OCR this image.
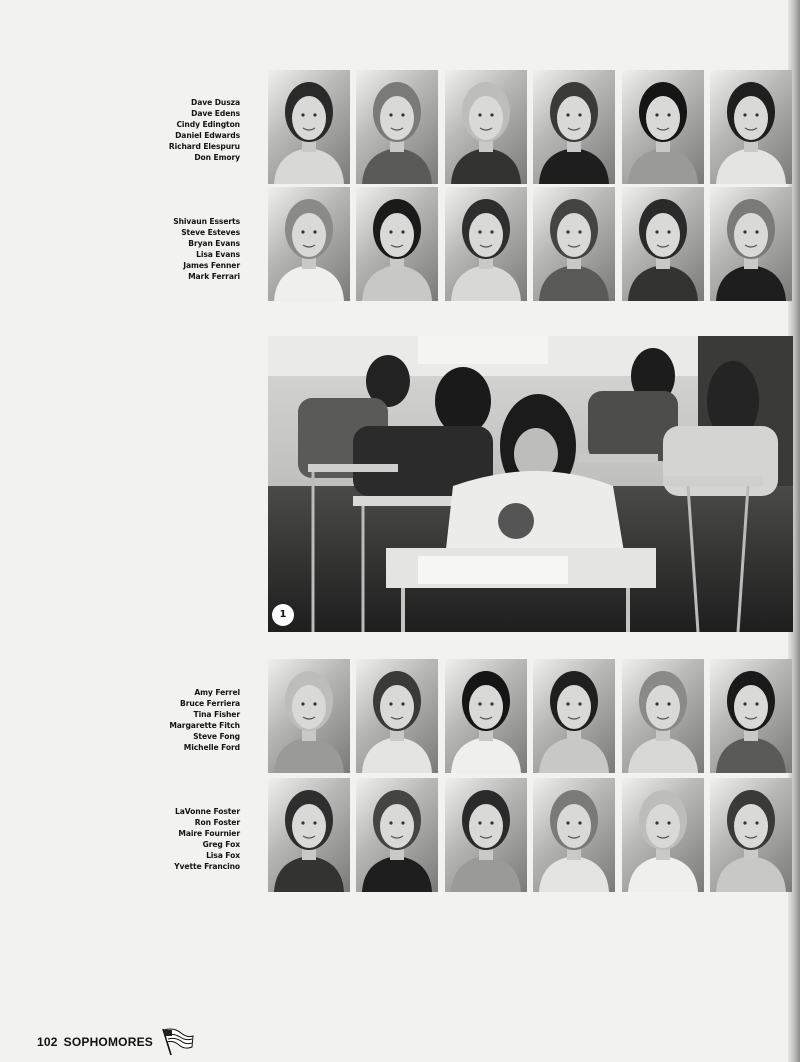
Dave Dusza
Dave Edens
Cindy Edington
Daniel Edwards
Richard Elespuru
Don Emory
Shivaun Esserts
Steve Esteves
Bryan Evans
Lisa Evans
James Fenner
Mark Ferrari
Amy Ferrel
Bruce Ferriera
Tina Fisher
Margarette Fitch
Steve Fong
Michelle Ford
LaVonne Foster
Ron Foster
Maire Fournier
Greg Fox
Lisa Fox
Yvette Francino
1
102 SOPHOMORES
